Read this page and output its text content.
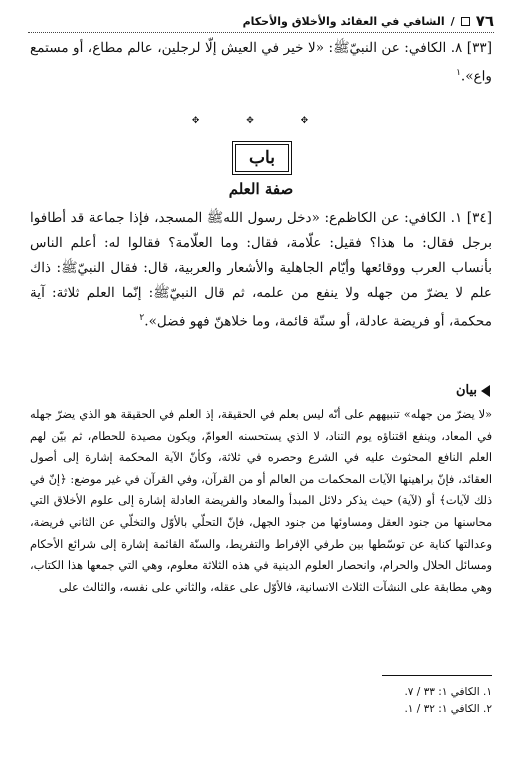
٧٦
/
الشافي في العقائد والأخلاق والأحكام

[٣٣] ٨. الكافي: عن النبيّ‌ﷺ: «لا خير في العيش إلّا لرجلين، عالم مطاع، أو مستمع واع».$^١$

✥ ✥ ✥
باب
صفة العلم

[٣٤] ١. الكافي: عن الكاظم‌ع: «دخل رسول الله‌ﷺ المسجد، فإذا جماعة قد أطافوا برجل فقال: ما هذا؟ فقيل: علّامة، فقال: وما العلّامة؟ فقالوا له: أعلم الناس بأنساب العرب ووقائعها وأيّام الجاهلية والأشعار والعربية، قال: فقال النبيّ‌ﷺ: ذاك علم لا يضرّ من جهله ولا ينفع من علمه، ثم قال النبيّ‌ﷺ: إنّما العلم ثلاثة: آية محكمة، أو فريضة عادلة، أو سنّة قائمة، وما خلاهنّ فهو فضل».$^٢$

بيان

«لا يضرّ من جهله» تنبيههم على أنّه ليس بعلم في الحقيقة، إذ العلم في الحقيقة هو الذي يضرّ جهله في المعاد، وينفع اقتناؤه يوم التناد، لا الذي يستحسنه العوامّ، ويكون مصيدة للحطام، ثم بيّن لهم العلم النافع المحثوث عليه في الشرع وحصره في ثلاثة، وكأنّ الآية المحكمة إشارة إلى أصول العقائد، فإنّ براهينها الآيات المحكمات من العالم أو من القرآن، وفي القرآن في غير موضع: ﴿إنّ في ذلك لآيات﴾ أو (لآية) حيث يذكر دلائل المبدأ والمعاد والفريضة العادلة إشارة إلى علوم الأخلاق التي محاسنها من جنود العقل ومساوئها من جنود الجهل، فإنّ التحلّي بالأوّل والتخلّي عن الثاني فريضة، وعدالتها كناية عن توسّطها بين طرفي الإفراط والتفريط، والسنّة القائمة إشارة إلى شرائع الأحكام ومسائل الحلال والحرام، وانحصار العلوم الدينية في هذه الثلاثة معلوم، وهي التي جمعها هذا الكتاب، وهي مطابقة على النشآت الثلاث الانسانية، فالأوّل على عقله، والثاني على نفسه، والثالث على

١. الكافي ١: ٣٣ / ٧.
٢. الكافي ١: ٣٢ / ١.
